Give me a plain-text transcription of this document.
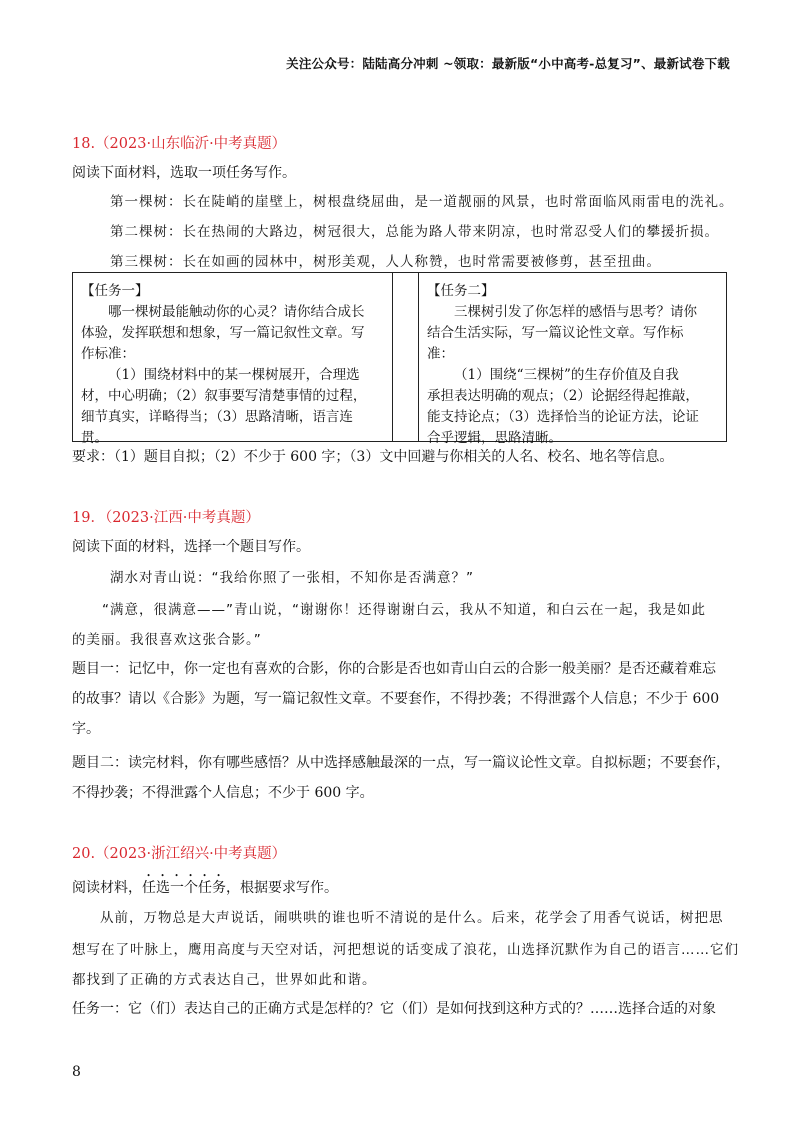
关注公众号：陆陆高分冲刺 ~领取：最新版“小中高考-总复习”、最新试卷下载
18.（2023·山东临沂·中考真题）
阅读下面材料，选取一项任务写作。
第一棵树：长在陡峭的崖壁上，树根盘绕屈曲，是一道靓丽的风景，也时常面临风雨雷电的洗礼。
第二棵树：长在热闹的大路边，树冠很大，总能为路人带来阴凉，也时常忍受人们的攀援折损。
第三棵树：长在如画的园林中，树形美观，人人称赞，也时常需要被修剪，甚至扭曲。
【任务一】
哪一棵树最能触动你的心灵？请你结合成长
体验，发挥联想和想象，写一篇记叙性文章。写
作标准：
（1）围绕材料中的某一棵树展开，合理选
材，中心明确；（2）叙事要写清楚事情的过程，
细节真实，详略得当；（3）思路清晰，语言连
贯。
【任务二】
三棵树引发了你怎样的感悟与思考？请你
结合生活实际，写一篇议论性文章。写作标
准：
（1）围绕“三棵树”的生存价值及自我
承担表达明确的观点；（2）论据经得起推敲，
能支持论点；（3）选择恰当的论证方法，论证
合乎逻辑，思路清晰。
要求：（1）题目自拟；（2）不少于 600 字；（3）文中回避与你相关的人名、校名、地名等信息。
19．（2023·江西·中考真题）
阅读下面的材料，选择一个题目写作。
湖水对青山说：“我给你照了一张相，不知你是否满意？”
“满意，很满意——”青山说，“谢谢你！还得谢谢白云，我从不知道，和白云在一起，我是如此
的美丽。我很喜欢这张合影。”
题目一：记忆中，你一定也有喜欢的合影，你的合影是否也如青山白云的合影一般美丽？是否还藏着难忘
的故事？请以《合影》为题，写一篇记叙性文章。不要套作，不得抄袭；不得泄露个人信息；不少于 600
字。
题目二：读完材料，你有哪些感悟？从中选择感触最深的一点，写一篇议论性文章。自拟标题；不要套作，
不得抄袭；不得泄露个人信息；不少于 600 字。
20.（2023·浙江绍兴·中考真题）
阅读材料，任选一个任务，根据要求写作。
从前，万物总是大声说话，闹哄哄的谁也听不清说的是什么。后来，花学会了用香气说话，树把思
想写在了叶脉上，鹰用高度与天空对话，河把想说的话变成了浪花，山选择沉默作为自己的语言……它们
都找到了正确的方式表达自己，世界如此和谐。
任务一：它（们）表达自己的正确方式是怎样的？它（们）是如何找到这种方式的？……选择合适的对象
8
